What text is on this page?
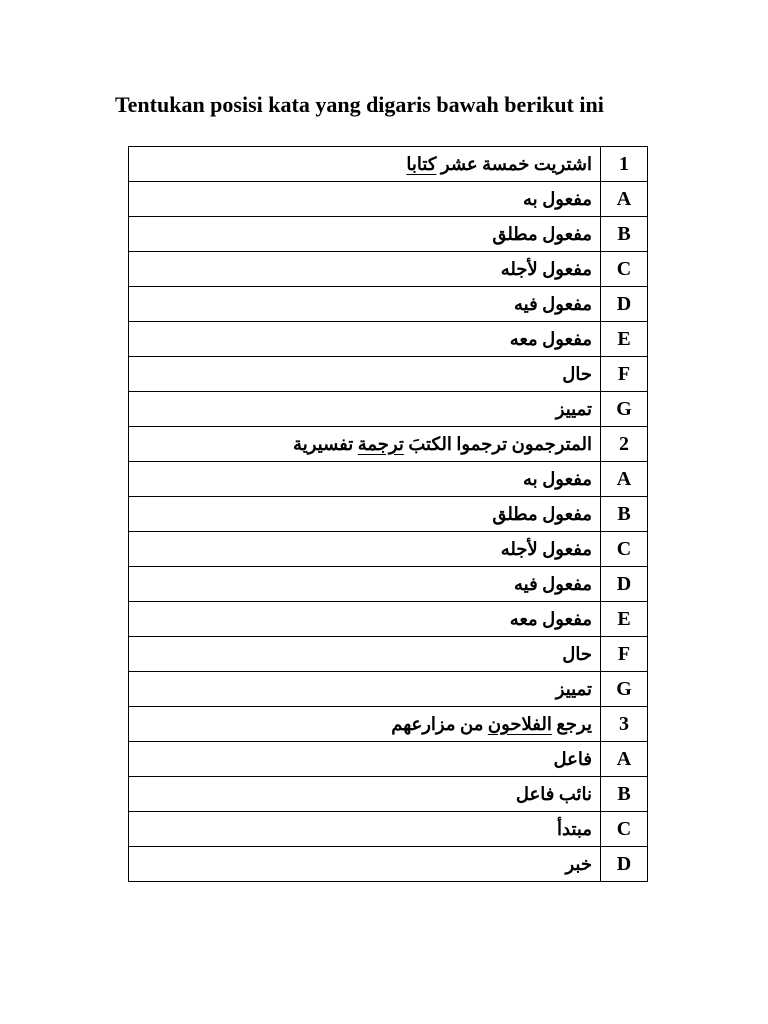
Tentukan posisi kata yang digaris bawah berikut ini
اشتريت خمسة عشر كتابا	1
مفعول به	A
مفعول مطلق	B
مفعول لأجله	C
مفعول فيه	D
مفعول معه	E
حال	F
تمييز	G
المترجمون ترجموا الكتبَ ترجمة تفسيرية	2
مفعول به	A
مفعول مطلق	B
مفعول لأجله	C
مفعول فيه	D
مفعول معه	E
حال	F
تمييز	G
يرجع الفلاحون من مزارعهم	3
فاعل	A
نائب فاعل	B
مبتدأ	C
خبر	D
